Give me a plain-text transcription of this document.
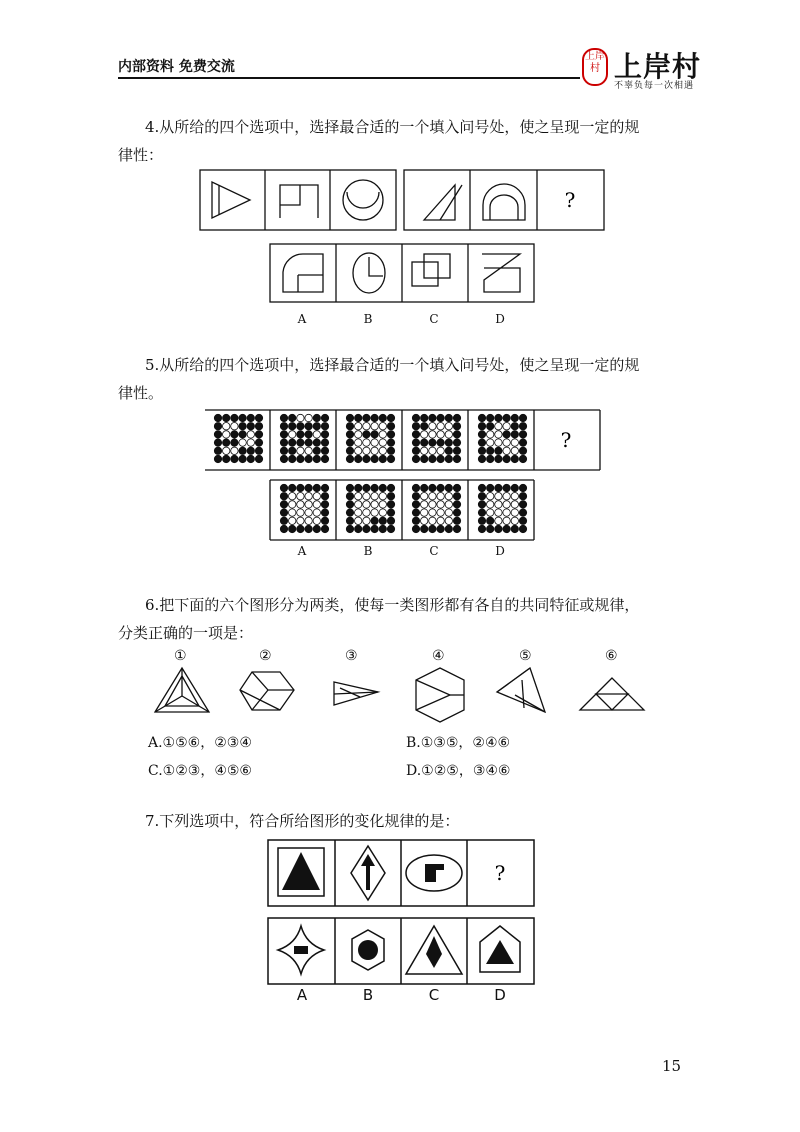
内部资料 免费交流
上岸村 上岸村
不辜负每一次相遇
4.从所给的四个选项中，选择最合适的一个填入问号处，使之呈现一定的规
律性：
?
A	B	C	D
5.从所给的四个选项中，选择最合适的一个填入问号处，使之呈现一定的规
律性。
?
A	B	C	D
6.把下面的六个图形分为两类，使每一类图形都有各自的共同特征或规律，
分类正确的一项是：
①	②	③	④	⑤	⑥
A.①⑤⑥，②③④	B.①③⑤，②④⑥
C.①②③，④⑤⑥	D.①②⑤，③④⑥
7.下列选项中，符合所给图形的变化规律的是：
?
A	B	C	D
15
